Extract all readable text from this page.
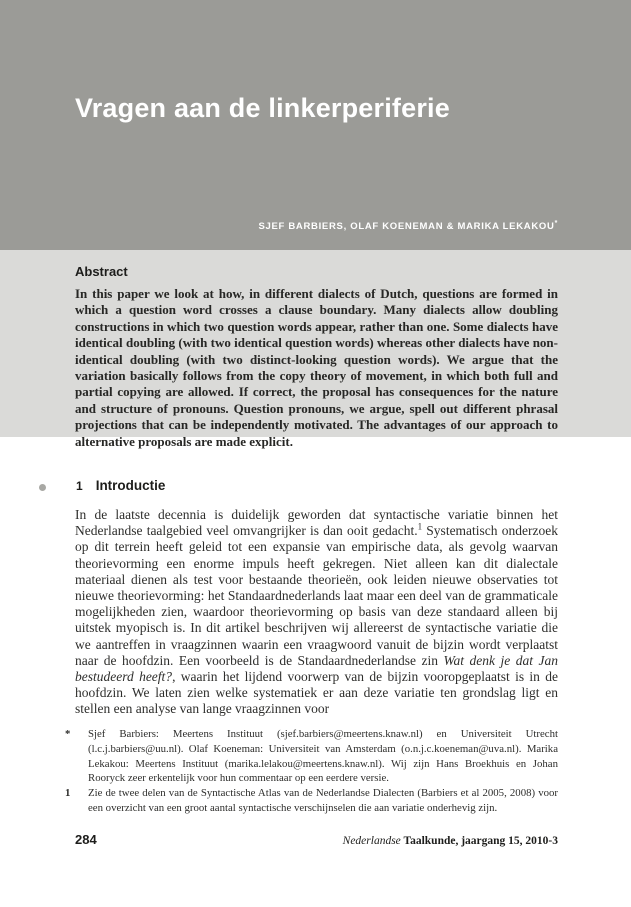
Vragen aan de linkerperiferie
SJEF BARBIERS, OLAF KOENEMAN & MARIKA LEKAKOU*
Abstract

In this paper we look at how, in different dialects of Dutch, questions are formed in which a question word crosses a clause boundary. Many dialects allow doubling constructions in which two question words appear, rather than one. Some dialects have identical doubling (with two identical question words) whereas other dialects have non-identical doubling (with two distinct-looking question words). We argue that the variation basically follows from the copy theory of movement, in which both full and partial copying are allowed. If correct, the proposal has consequences for the nature and structure of pronouns. Question pronouns, we argue, spell out different phrasal projections that can be independently motivated. The advantages of our approach to alternative proposals are made explicit.

1 Introductie

In de laatste decennia is duidelijk geworden dat syntactische variatie binnen het Nederlandse taalgebied veel omvangrijker is dan ooit gedacht.$^1$ Systematisch onderzoek op dit terrein heeft geleid tot een expansie van empirische data, als gevolg waarvan theorievorming een enorme impuls heeft gekregen. Niet alleen kan dit dialectale materiaal dienen als test voor bestaande theorieën, ook leiden nieuwe observaties tot nieuwe theorievorming: het Standaardnederlands laat maar een deel van de grammaticale mogelijkheden zien, waardoor theorievorming op basis van deze standaard alleen bij uitstek myopisch is. In dit artikel beschrijven wij allereerst de syntactische variatie die we aantreffen in vraagzinnen waarin een vraagwoord vanuit de bijzin wordt verplaatst naar de hoofdzin. Een voorbeeld is de Standaardnederlandse zin Wat denk je dat Jan bestudeerd heeft?, waarin het lijdend voorwerp van de bijzin vooropgeplaatst is in de hoofdzin. We laten zien welke systematiek er aan deze variatie ten grondslag ligt en stellen een analyse van lange vraagzinnen voor

*	Sjef Barbiers: Meertens Instituut (sjef.barbiers@meertens.knaw.nl) en Universiteit Utrecht (l.c.j.barbiers@uu.nl). Olaf Koeneman: Universiteit van Amsterdam (o.n.j.c.koeneman@uva.nl). Marika Lekakou: Meertens Instituut (marika.lelakou@meertens.knaw.nl). Wij zijn Hans Broekhuis en Johan Rooryck zeer erkentelijk voor hun commentaar op een eerdere versie.
1	Zie de twee delen van de Syntactische Atlas van de Nederlandse Dialecten (Barbiers et al 2005, 2008) voor een overzicht van een groot aantal syntactische verschijnselen die aan variatie onderhevig zijn.
284	Nederlandse Taalkunde, jaargang 15, 2010-3
